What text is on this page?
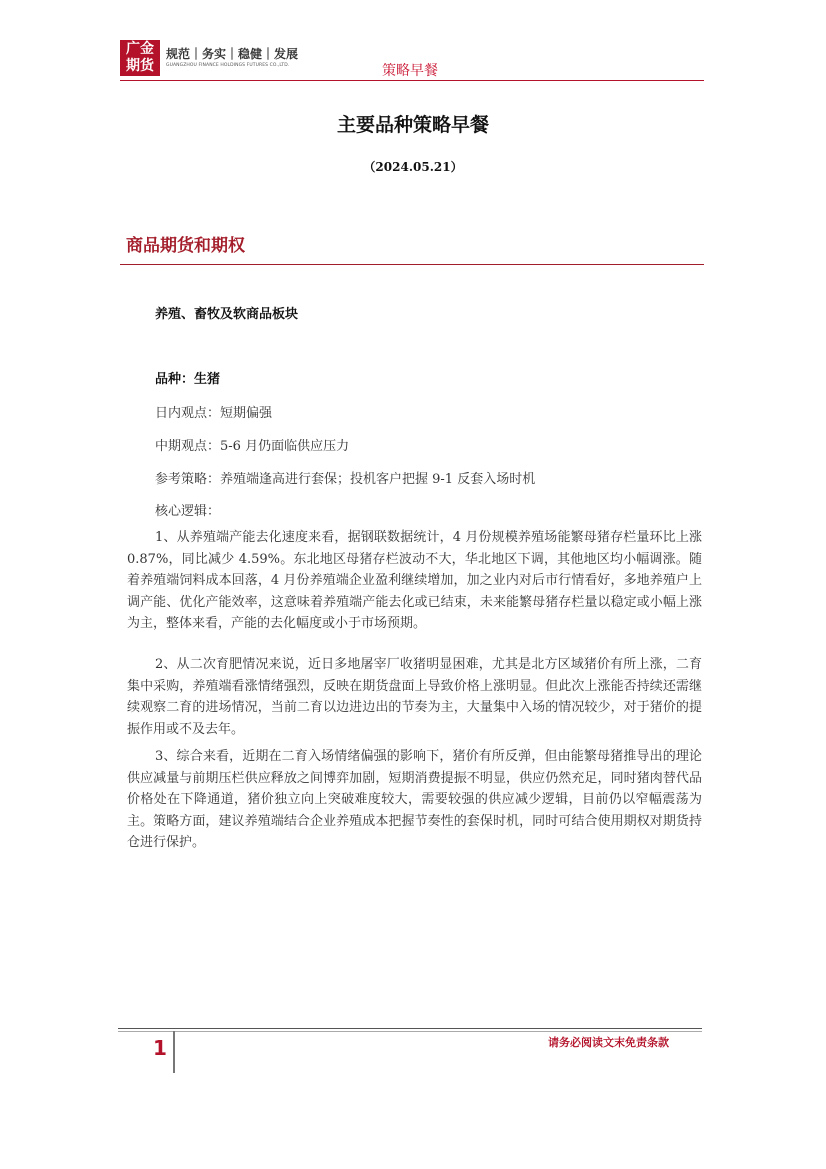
广金
期货
规范｜务实｜稳健｜发展
GUANGZHOU FINANCE HOLDINGS FUTURES CO.,LTD.	策略早餐
主要品种策略早餐
（2024.05.21）
商品期货和期权
养殖、畜牧及软商品板块
品种：生猪
日内观点：短期偏强
中期观点：5-6 月仍面临供应压力
参考策略：养殖端逢高进行套保；投机客户把握 9-1 反套入场时机
核心逻辑：

1、从养殖端产能去化速度来看，据钢联数据统计，4 月份规模养殖场能繁母猪存栏量环比上涨 0.87%，同比减少 4.59%。东北地区母猪存栏波动不大，华北地区下调，其他地区均小幅调涨。随着养殖端饲料成本回落，4 月份养殖端企业盈利继续增加，加之业内对后市行情看好，多地养殖户上调产能、优化产能效率，这意味着养殖端产能去化或已结束，未来能繁母猪存栏量以稳定或小幅上涨为主，整体来看，产能的去化幅度或小于市场预期。

2、从二次育肥情况来说，近日多地屠宰厂收猪明显困难，尤其是北方区域猪价有所上涨，二育集中采购，养殖端看涨情绪强烈，反映在期货盘面上导致价格上涨明显。但此次上涨能否持续还需继续观察二育的进场情况，当前二育以边进边出的节奏为主，大量集中入场的情况较少，对于猪价的提振作用或不及去年。

3、综合来看，近期在二育入场情绪偏强的影响下，猪价有所反弹，但由能繁母猪推导出的理论供应减量与前期压栏供应释放之间博弈加剧，短期消费提振不明显，供应仍然充足，同时猪肉替代品价格处在下降通道，猪价独立向上突破难度较大，需要较强的供应减少逻辑，目前仍以窄幅震荡为主。策略方面，建议养殖端结合企业养殖成本把握节奏性的套保时机，同时可结合使用期权对期货持仓进行保护。

1	请务必阅读文末免责条款
